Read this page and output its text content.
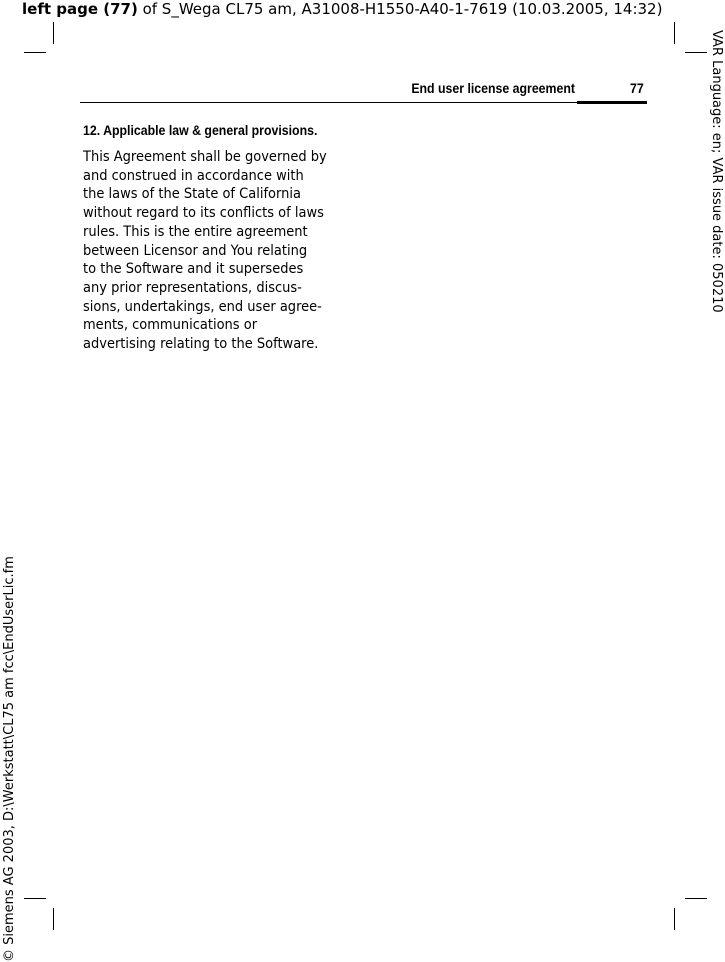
left page (77) of S_Wega CL75 am, A31008-H1550-A40-1-7619 (10.03.2005, 14:32)
VAR Language: en; VAR issue date: 050210
© Siemens AG 2003, D:\Werkstatt\CL75 am fcc\EndUserLic.fm
End user license agreement	77
12. Applicable law & general provisions.
This Agreement shall be governed by
and construed in accordance with
the laws of the State of California
without regard to its conflicts of laws
rules. This is the entire agreement
between Licensor and You relating
to the Software and it supersedes
any prior representations, discus-
sions, undertakings, end user agree-
ments, communications or
advertising relating to the Software.
